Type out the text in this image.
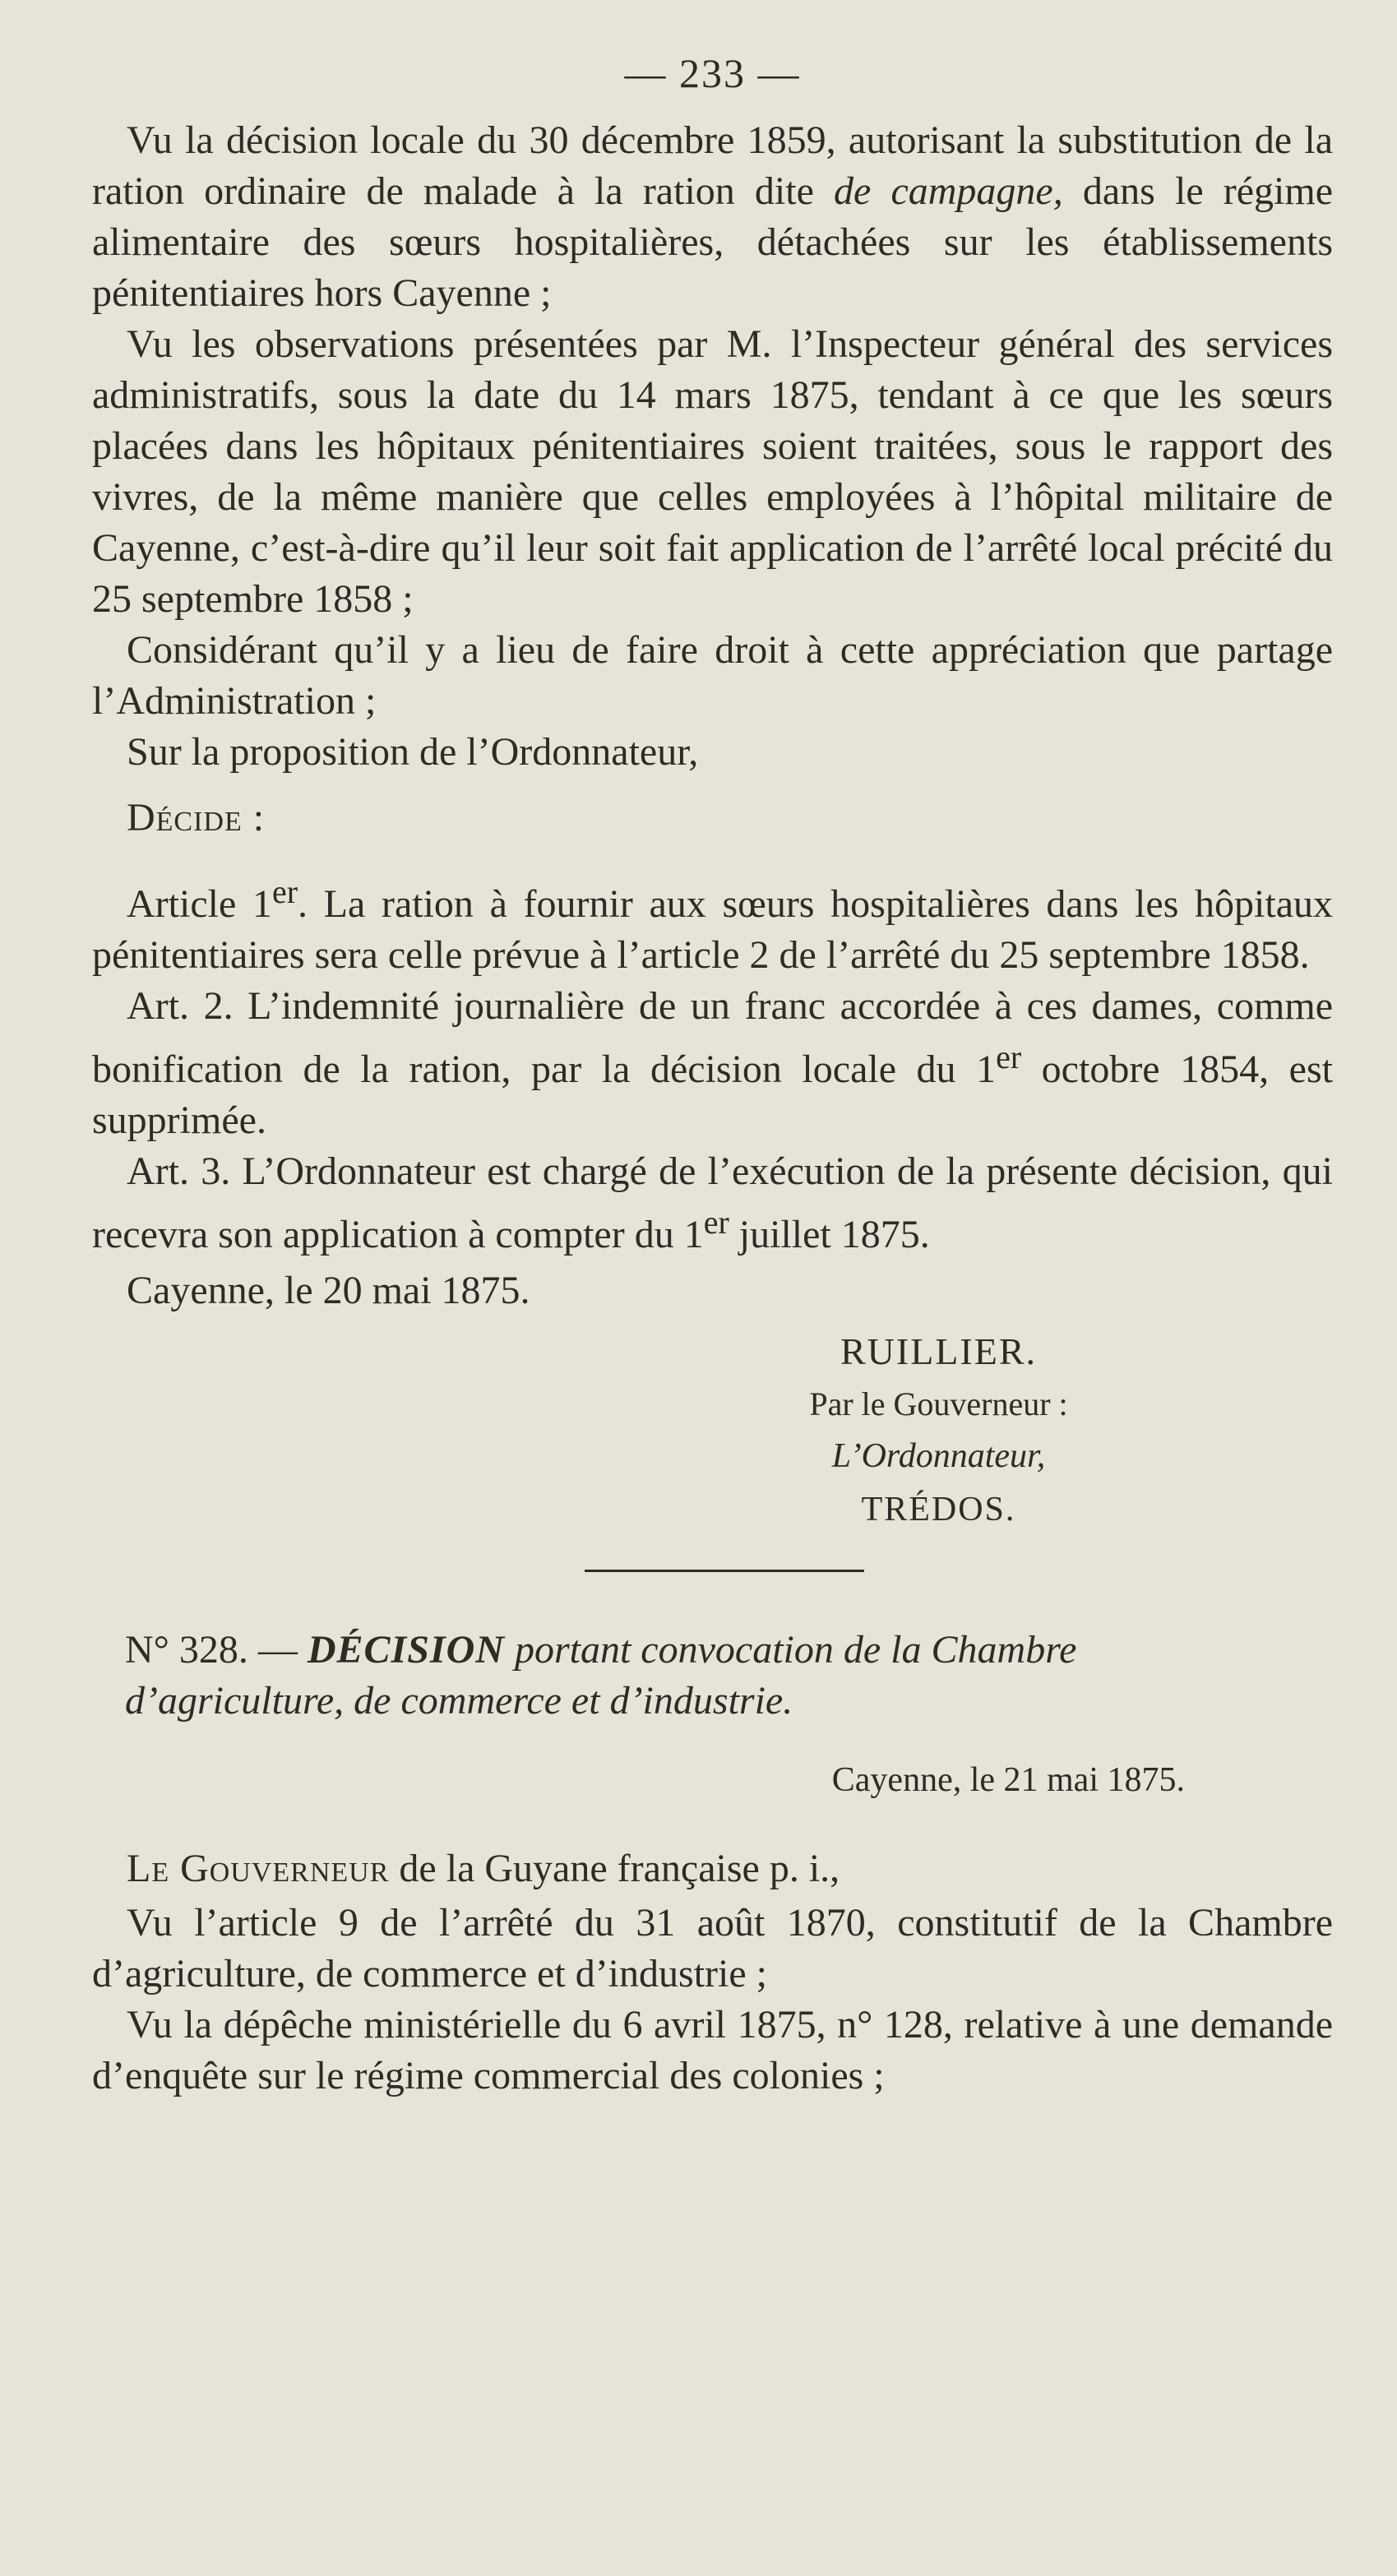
— 233 —

Vu la décision locale du 30 décembre 1859, autorisant la substitution de la ration ordinaire de malade à la ration dite de campagne, dans le régime alimentaire des sœurs hospitalières, détachées sur les établissements pénitentiaires hors Cayenne ;

Vu les observations présentées par M. l’Inspecteur général des services administratifs, sous la date du 14 mars 1875, tendant à ce que les sœurs placées dans les hôpitaux pénitentiaires soient traitées, sous le rapport des vivres, de la même manière que celles employées à l’hôpital militaire de Cayenne, c’est-à-dire qu’il leur soit fait application de l’arrêté local précité du 25 septembre 1858 ;

Considérant qu’il y a lieu de faire droit à cette appréciation que partage l’Administration ;

Sur la proposition de l’Ordonnateur,

Décide :

Article 1er. La ration à fournir aux sœurs hospitalières dans les hôpitaux pénitentiaires sera celle prévue à l’article 2 de l’arrêté du 25 septembre 1858.

Art. 2. L’indemnité journalière de un franc accordée à ces dames, comme bonification de la ration, par la décision locale du 1er octobre 1854, est supprimée.

Art. 3. L’Ordonnateur est chargé de l’exécution de la présente décision, qui recevra son application à compter du 1er juillet 1875.

Cayenne, le 20 mai 1875.

RUILLIER.
Par le Gouverneur :
L’Ordonnateur,
TRÉDOS.

N° 328. — DÉCISION portant convocation de la Chambre d’agriculture, de commerce et d’industrie.

Cayenne, le 21 mai 1875.

Le Gouverneur de la Guyane française p. i.,

Vu l’article 9 de l’arrêté du 31 août 1870, constitutif de la Chambre d’agriculture, de commerce et d’industrie ;

Vu la dépêche ministérielle du 6 avril 1875, n° 128, relative à une demande d’enquête sur le régime commercial des colonies ;
